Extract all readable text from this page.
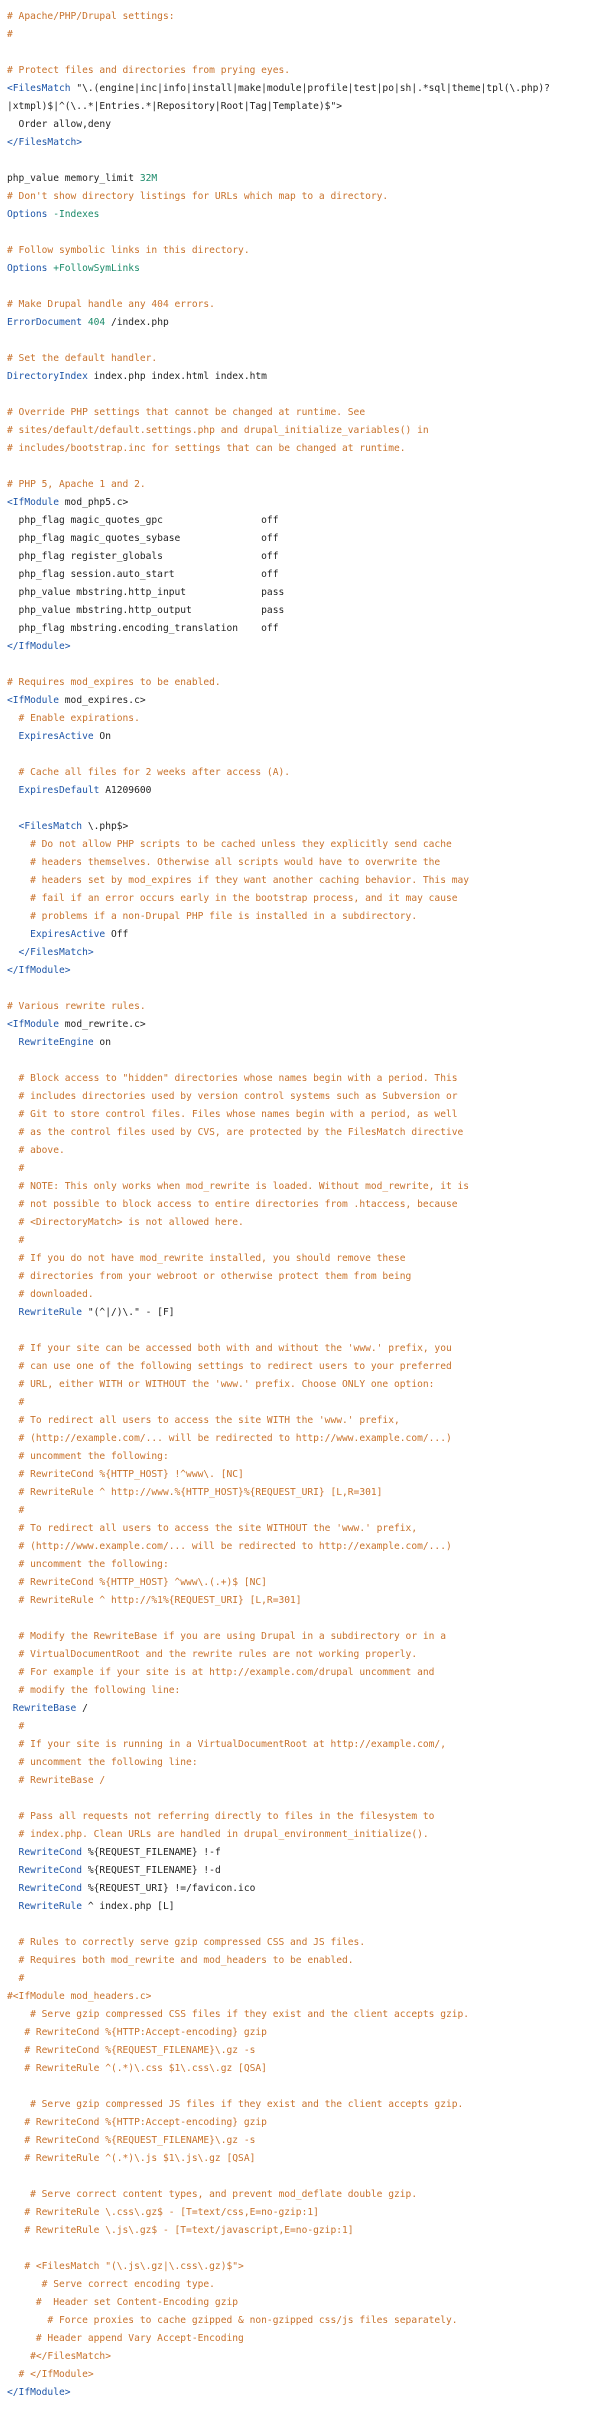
# Apache/PHP/Drupal settings:
#

# Protect files and directories from prying eyes.
<FilesMatch "\.(engine|inc|info|install|make|module|profile|test|po|sh|.*sql|theme|tpl(\.php)?
|xtmpl)$|^(\..*|Entries.*|Repository|Root|Tag|Template)$">
Order allow,deny
</FilesMatch>

php_value memory_limit 32M
# Don't show directory listings for URLs which map to a directory.
Options -Indexes

# Follow symbolic links in this directory.
Options +FollowSymLinks

# Make Drupal handle any 404 errors.
ErrorDocument 404 /index.php

# Set the default handler.
DirectoryIndex index.php index.html index.htm

# Override PHP settings that cannot be changed at runtime. See
# sites/default/default.settings.php and drupal_initialize_variables() in
# includes/bootstrap.inc for settings that can be changed at runtime.

# PHP 5, Apache 1 and 2.
<IfModule mod_php5.c>
php_flag magic_quotes_gpc                 off
php_flag magic_quotes_sybase              off
php_flag register_globals                 off
php_flag session.auto_start               off
php_value mbstring.http_input             pass
php_value mbstring.http_output            pass
php_flag mbstring.encoding_translation    off
</IfModule>

# Requires mod_expires to be enabled.
<IfModule mod_expires.c>
# Enable expirations.
ExpiresActive On

# Cache all files for 2 weeks after access (A).
ExpiresDefault A1209600

<FilesMatch \.php$>
# Do not allow PHP scripts to be cached unless they explicitly send cache
# headers themselves. Otherwise all scripts would have to overwrite the
# headers set by mod_expires if they want another caching behavior. This may
# fail if an error occurs early in the bootstrap process, and it may cause
# problems if a non-Drupal PHP file is installed in a subdirectory.
ExpiresActive Off
</FilesMatch>
</IfModule>

# Various rewrite rules.
<IfModule mod_rewrite.c>
RewriteEngine on

# Block access to "hidden" directories whose names begin with a period. This
# includes directories used by version control systems such as Subversion or
# Git to store control files. Files whose names begin with a period, as well
# as the control files used by CVS, are protected by the FilesMatch directive
# above.
#
# NOTE: This only works when mod_rewrite is loaded. Without mod_rewrite, it is
# not possible to block access to entire directories from .htaccess, because
# <DirectoryMatch> is not allowed here.
#
# If you do not have mod_rewrite installed, you should remove these
# directories from your webroot or otherwise protect them from being
# downloaded.
RewriteRule "(^|/)\." - [F]

# If your site can be accessed both with and without the 'www.' prefix, you
# can use one of the following settings to redirect users to your preferred
# URL, either WITH or WITHOUT the 'www.' prefix. Choose ONLY one option:
#
# To redirect all users to access the site WITH the 'www.' prefix,
# (http://example.com/... will be redirected to http://www.example.com/...)
# uncomment the following:
# RewriteCond %{HTTP_HOST} !^www\. [NC]
# RewriteRule ^ http://www.%{HTTP_HOST}%{REQUEST_URI} [L,R=301]
#
# To redirect all users to access the site WITHOUT the 'www.' prefix,
# (http://www.example.com/... will be redirected to http://example.com/...)
# uncomment the following:
# RewriteCond %{HTTP_HOST} ^www\.(.+)$ [NC]
# RewriteRule ^ http://%1%{REQUEST_URI} [L,R=301]

# Modify the RewriteBase if you are using Drupal in a subdirectory or in a
# VirtualDocumentRoot and the rewrite rules are not working properly.
# For example if your site is at http://example.com/drupal uncomment and
# modify the following line:
RewriteBase /
#
# If your site is running in a VirtualDocumentRoot at http://example.com/,
# uncomment the following line:
# RewriteBase /

# Pass all requests not referring directly to files in the filesystem to
# index.php. Clean URLs are handled in drupal_environment_initialize().
RewriteCond %{REQUEST_FILENAME} !-f
RewriteCond %{REQUEST_FILENAME} !-d
RewriteCond %{REQUEST_URI} !=/favicon.ico
RewriteRule ^ index.php [L]

# Rules to correctly serve gzip compressed CSS and JS files.
# Requires both mod_rewrite and mod_headers to be enabled.
#
#<IfModule mod_headers.c>
# Serve gzip compressed CSS files if they exist and the client accepts gzip.
# RewriteCond %{HTTP:Accept-encoding} gzip
# RewriteCond %{REQUEST_FILENAME}\.gz -s
# RewriteRule ^(.*)\.css $1\.css\.gz [QSA]

# Serve gzip compressed JS files if they exist and the client accepts gzip.
# RewriteCond %{HTTP:Accept-encoding} gzip
# RewriteCond %{REQUEST_FILENAME}\.gz -s
# RewriteRule ^(.*)\.js $1\.js\.gz [QSA]

# Serve correct content types, and prevent mod_deflate double gzip.
# RewriteRule \.css\.gz$ - [T=text/css,E=no-gzip:1]
# RewriteRule \.js\.gz$ - [T=text/javascript,E=no-gzip:1]

# <FilesMatch "(\.js\.gz|\.css\.gz)$">
# Serve correct encoding type.
#  Header set Content-Encoding gzip
# Force proxies to cache gzipped & non-gzipped css/js files separately.
# Header append Vary Accept-Encoding
#</FilesMatch>
# </IfModule>
</IfModule>
